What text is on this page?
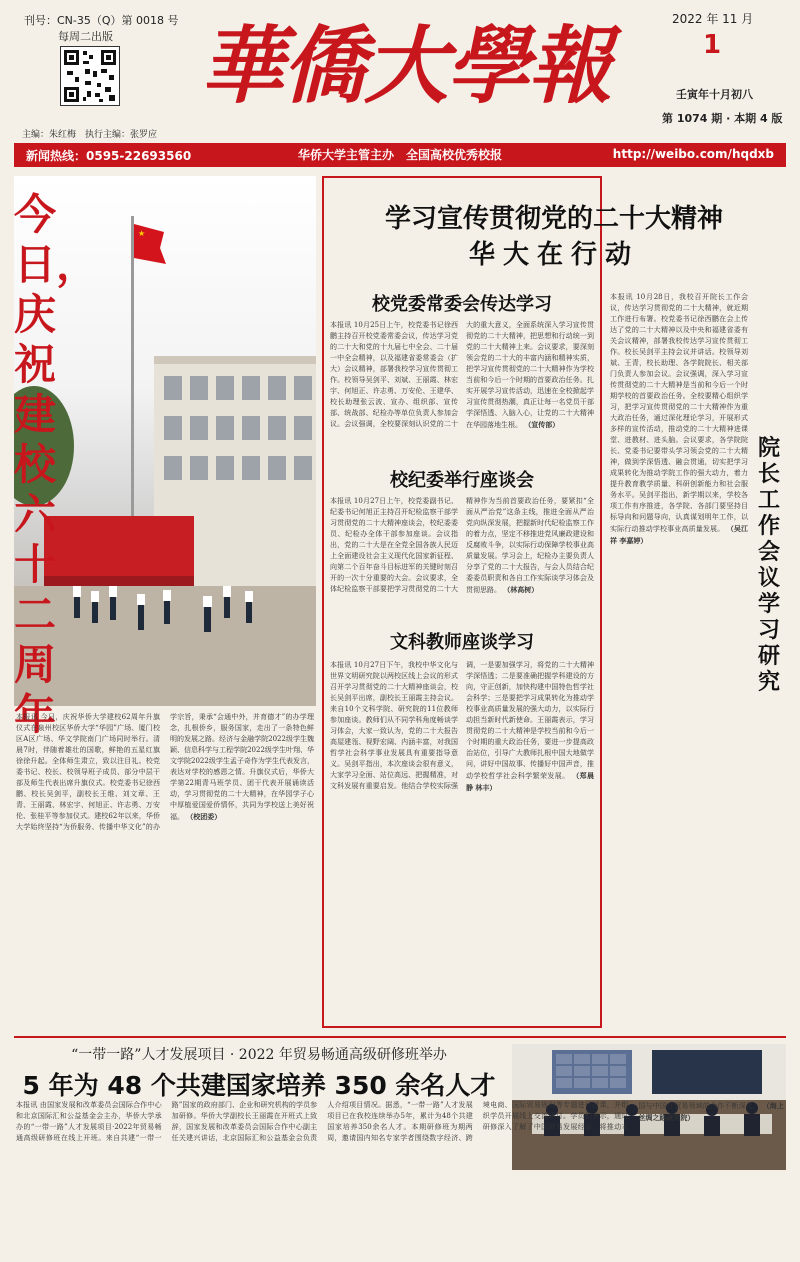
刊号：CN-35（Q）第 0018 号
每周二出版
主编：朱红梅　执行主编：张罗应
華僑大學報	2022 年 11 月
1
壬寅年十月初八
第 1074 期 · 本期 4 版
新闻热线：0595-22693560	http://weibo.com/hqdxb
华侨大学主管主办　全国高校优秀校报
★
今日，庆祝建校六十二周年
本报讯 今日，庆祝华侨大学建校62周年升旗仪式在泉州校区华侨大学“华园”广场、厦门校区A区广场、华文学院南门广场同时举行。清晨7时，伴随着雄壮的国歌，鲜艳的五星红旗徐徐升起。全体师生肃立，致以注目礼。校党委书记、校长、校领导班子成员、部分中层干部及师生代表出席升旗仪式。校党委书记徐西鹏、校长吴剑平，副校长王维、刘文章、王青、王丽霞、林宏宇、何旭正、许志勇、万安伦、张桂平等参加仪式。建校62年以来，华侨大学始终坚持“为侨服务、传播中华文化”的办学宗旨，秉承“会通中外，并育德才”的办学理念，扎根侨乡，服务国家，走出了一条特色鲜明的发展之路。经济与金融学院2022级学生魏颖、信息科学与工程学院2022级学生叶翔、华文学院2022级学生孟子奇作为学生代表发言，表达对学校的感恩之情。升旗仪式后，华侨大学第22期青马班学员、团干代表开展诵读活动，学习贯彻党的二十大精神，在华园学子心中厚植爱国爱侨情怀，共同为学校送上美好祝福。 （校团委）
学习宣传贯彻党的二十大精神
华大在行动
校党委常委会传达学习
本报讯 10月25日上午，校党委书记徐西鹏主持召开校党委常委会议，传达学习党的二十大和党的十九届七中全会、二十届一中全会精神，以及福建省委常委会（扩大）会议精神，部署我校学习宣传贯彻工作。校领导吴剑平、刘斌、王丽霞、林宏宇、何旭正、许志勇、万安伦、王建华、校长助理张云波、宣办、组织部、宣传部、统战部、纪检办等单位负责人参加会议。会议强调，全校要深刻认识党的二十大的重大意义，全面系统深入学习宣传贯彻党的二十大精神，把思想和行动统一到党的二十大精神上来。会议要求，要深刻领会党的二十大的丰富内涵和精神实质，把学习宣传贯彻党的二十大精神作为学校当前和今后一个时期的首要政治任务。扎实开展学习宣传活动，迅速在全校掀起学习宣传贯彻热潮，真正让每一名党员干部学深悟透、入脑入心，让党的二十大精神在华园落地生根。 （宣传部）
校纪委举行座谈会
本报讯 10月27日上午，校党委副书记、纪委书记何旭正主持召开纪检监察干部学习贯彻党的二十大精神座谈会，校纪委委员、纪检办全体干部参加座谈。会议指出，党的二十大是在全党全国各族人民迈上全面建设社会主义现代化国家新征程、向第二个百年奋斗目标进军的关键时刻召开的一次十分重要的大会。会议要求，全体纪检监察干部要把学习贯彻党的二十大精神作为当前首要政治任务，要紧扣“全面从严治党”这条主线，推进全面从严治党向纵深发展，把握新时代纪检监察工作的着力点，坚定不移推进党风廉政建设和反腐败斗争，以实际行动保障学校事业高质量发展。学习会上，纪检办主要负责人分享了党的二十大报告，与会人员结合纪委委员职责和各自工作实际谈学习体会及贯彻思路。 （林高树）
文科教师座谈学习
本报讯 10月27日下午，我校中华文化与世界文明研究院以两校区线上会议的形式召开学习贯彻党的二十大精神座谈会，校长吴剑平出席，副校长王丽霞主持会议。来自10个文科学院、研究院的11位教师参加座谈。教师们从不同学科角度畅谈学习体会，大家一致认为，党的二十大报告高屋建瓴、视野宏阔、内涵丰富，对我国哲学社会科学事业发展具有重要指导意义。吴剑平指出，本次座谈会很有意义，大家学习全面、站位高远、把握精准，对文科发展有重要启发。他结合学校实际强调，一是要加强学习，将党的二十大精神学深悟透；二是要准确把握学科建设的方向，守正创新，加快构建中国特色哲学社会科学；三是要把学习成果转化为推动学校事业高质量发展的强大动力，以实际行动担当新时代新使命。王丽霞表示，学习贯彻党的二十大精神是学校当前和今后一个时期的重大政治任务，要进一步提高政治站位，引导广大教师扎根中国大地做学问，讲好中国故事、传播好中国声音，推动学校哲学社会科学繁荣发展。 （郑晨静 林丰）
院长工作会议学习研究
本报讯 10月28日，我校召开院长工作会议，传达学习贯彻党的二十大精神，就近期工作进行布署。校党委书记徐西鹏在会上传达了党的二十大精神以及中央和福建省委有关会议精神，部署我校传达学习宣传贯彻工作。校长吴剑平主持会议并讲话。校领导刘斌、王青，校长助理、各学院院长、相关部门负责人参加会议。会议强调，深入学习宣传贯彻党的二十大精神是当前和今后一个时期学校的首要政治任务。全校要精心组织学习，把学习宣传贯彻党的二十大精神作为重大政治任务，通过深化理论学习，开展形式多样的宣传活动，推动党的二十大精神进课堂、进教材、进头脑。会议要求，各学院院长、党委书记要带头学习领会党的二十大精神，做到学深悟透、融会贯通，切实把学习成果转化为推动学院工作的强大动力，着力提升教育教学质量、科研创新能力和社会服务水平。吴剑平指出，新学期以来，学校各项工作有序推进，各学院、各部门要坚持目标导向和问题导向，认真谋划明年工作，以实际行动推动学校事业高质量发展。 （吴江祥 李嘉婷）
“一带一路”人才发展项目 · 2022 年贸易畅通高级研修班举办
5 年为 48 个共建国家培养 350 余名人才
本报讯 由国家发展和改革委员会国际合作中心和北京国际汇和公益基金会主办，华侨大学承办的“一带一路”人才发展项目·2022年贸易畅通高级研修班在线上开班。来自共建“一带一路”国家的政府部门、企业和研究机构的学员参加研修。华侨大学副校长王丽霞在开班式上致辞，国家发展和改革委员会国际合作中心副主任关建兴讲话，北京国际汇和公益基金会负责人介绍项目情况。据悉，“一带一路”人才发展项目已在我校连续举办5年，累计为48个共建国家培养350余名人才。本期研修班为期两周，邀请国内知名专家学者围绕数字经济、跨境电商、国际贸易规则等专题进行授课，并组织学员开展线上交流研讨。学员们表示，通过研修深入了解了中国贸易发展经验，将推动本国与中国在贸易领域的合作不断深化。 （海上丝绸之路研究院）
